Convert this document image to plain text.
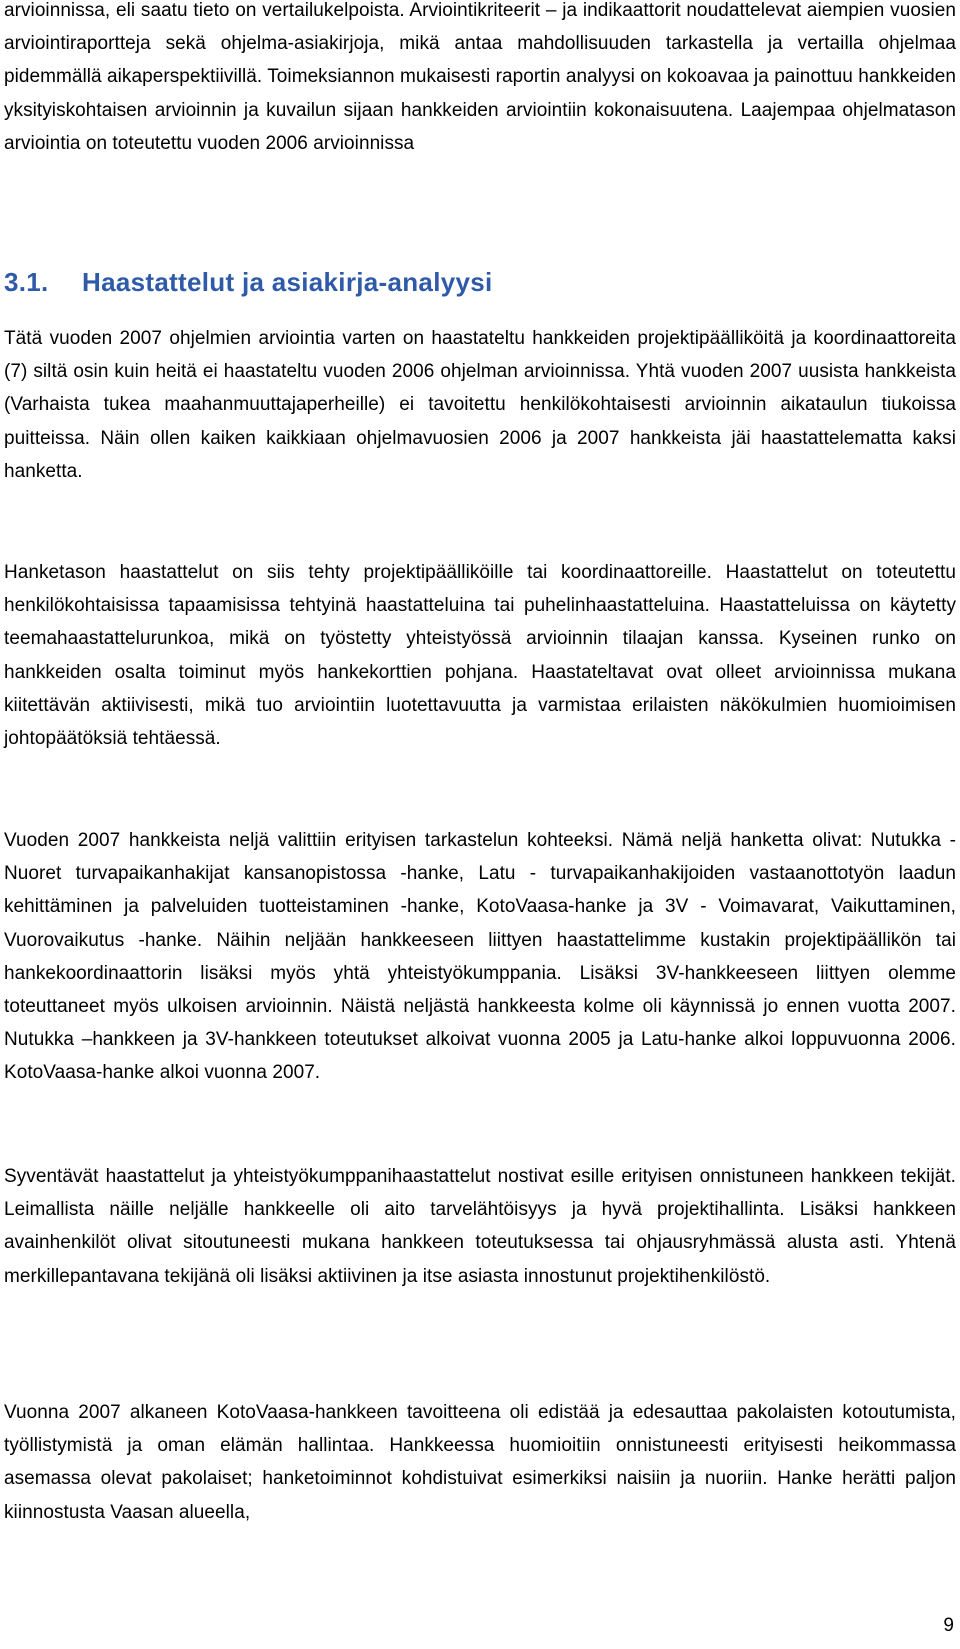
arvioinnissa, eli saatu tieto on vertailukelpoista. Arviointikriteerit – ja indikaattorit noudattelevat aiempien vuosien arviointiraportteja sekä ohjelma-asiakirjoja, mikä antaa mahdollisuuden tarkastella ja vertailla ohjelmaa pidemmällä aikaperspektiivillä. Toimeksiannon mukaisesti raportin analyysi on kokoavaa ja painottuu hankkeiden yksityiskohtaisen arvioinnin ja kuvailun sijaan hankkeiden arviointiin kokonaisuutena. Laajempaa ohjelmatason arviointia on toteutettu vuoden 2006 arvioinnissa

3.1. Haastattelut ja asiakirja-analyysi

Tätä vuoden 2007 ohjelmien arviointia varten on haastateltu hankkeiden projektipäälliköitä ja koordinaattoreita (7) siltä osin kuin heitä ei haastateltu vuoden 2006 ohjelman arvioinnissa. Yhtä vuoden 2007 uusista hankkeista (Varhaista tukea maahanmuuttajaperheille) ei tavoitettu henkilökohtaisesti arvioinnin aikataulun tiukoissa puitteissa. Näin ollen kaiken kaikkiaan ohjelmavuosien 2006 ja 2007 hankkeista jäi haastattelematta kaksi hanketta.

Hanketason haastattelut on siis tehty projektipäälliköille tai koordinaattoreille. Haastattelut on toteutettu henkilökohtaisissa tapaamisissa tehtyinä haastatteluina tai puhelinhaastatteluina. Haastatteluissa on käytetty teemahaastattelurunkoa, mikä on työstetty yhteistyössä arvioinnin tilaajan kanssa. Kyseinen runko on hankkeiden osalta toiminut myös hankekorttien pohjana. Haastateltavat ovat olleet arvioinnissa mukana kiitettävän aktiivisesti, mikä tuo arviointiin luotettavuutta ja varmistaa erilaisten näkökulmien huomioimisen johtopäätöksiä tehtäessä.

Vuoden 2007 hankkeista neljä valittiin erityisen tarkastelun kohteeksi. Nämä neljä hanketta olivat: Nutukka - Nuoret turvapaikanhakijat kansanopistossa -hanke, Latu - turvapaikanhakijoiden vastaanottotyön laadun kehittäminen ja palveluiden tuotteistaminen -hanke, KotoVaasa-hanke ja 3V - Voimavarat, Vaikuttaminen, Vuorovaikutus -hanke. Näihin neljään hankkeeseen liittyen haastattelimme kustakin projektipäällikön tai hankekoordinaattorin lisäksi myös yhtä yhteistyökumppania. Lisäksi 3V-hankkeeseen liittyen olemme toteuttaneet myös ulkoisen arvioinnin. Näistä neljästä hankkeesta kolme oli käynnissä jo ennen vuotta 2007. Nutukka –hankkeen ja 3V-hankkeen toteutukset alkoivat vuonna 2005 ja Latu-hanke alkoi loppuvuonna 2006. KotoVaasa-hanke alkoi vuonna 2007.

Syventävät haastattelut ja yhteistyökumppanihaastattelut nostivat esille erityisen onnistuneen hankkeen tekijät. Leimallista näille neljälle hankkeelle oli aito tarvelähtöisyys ja hyvä projektihallinta. Lisäksi hankkeen avainhenkilöt olivat sitoutuneesti mukana hankkeen toteutuksessa tai ohjausryhmässä alusta asti. Yhtenä merkillepantavana tekijänä oli lisäksi aktiivinen ja itse asiasta innostunut projektihenkilöstö.

Vuonna 2007 alkaneen KotoVaasa-hankkeen tavoitteena oli edistää ja edesauttaa pakolaisten kotoutumista, työllistymistä ja oman elämän hallintaa. Hankkeessa huomioitiin onnistuneesti erityisesti heikommassa asemassa olevat pakolaiset; hanketoiminnot kohdistuivat esimerkiksi naisiin ja nuoriin. Hanke herätti paljon kiinnostusta Vaasan alueella,

9
